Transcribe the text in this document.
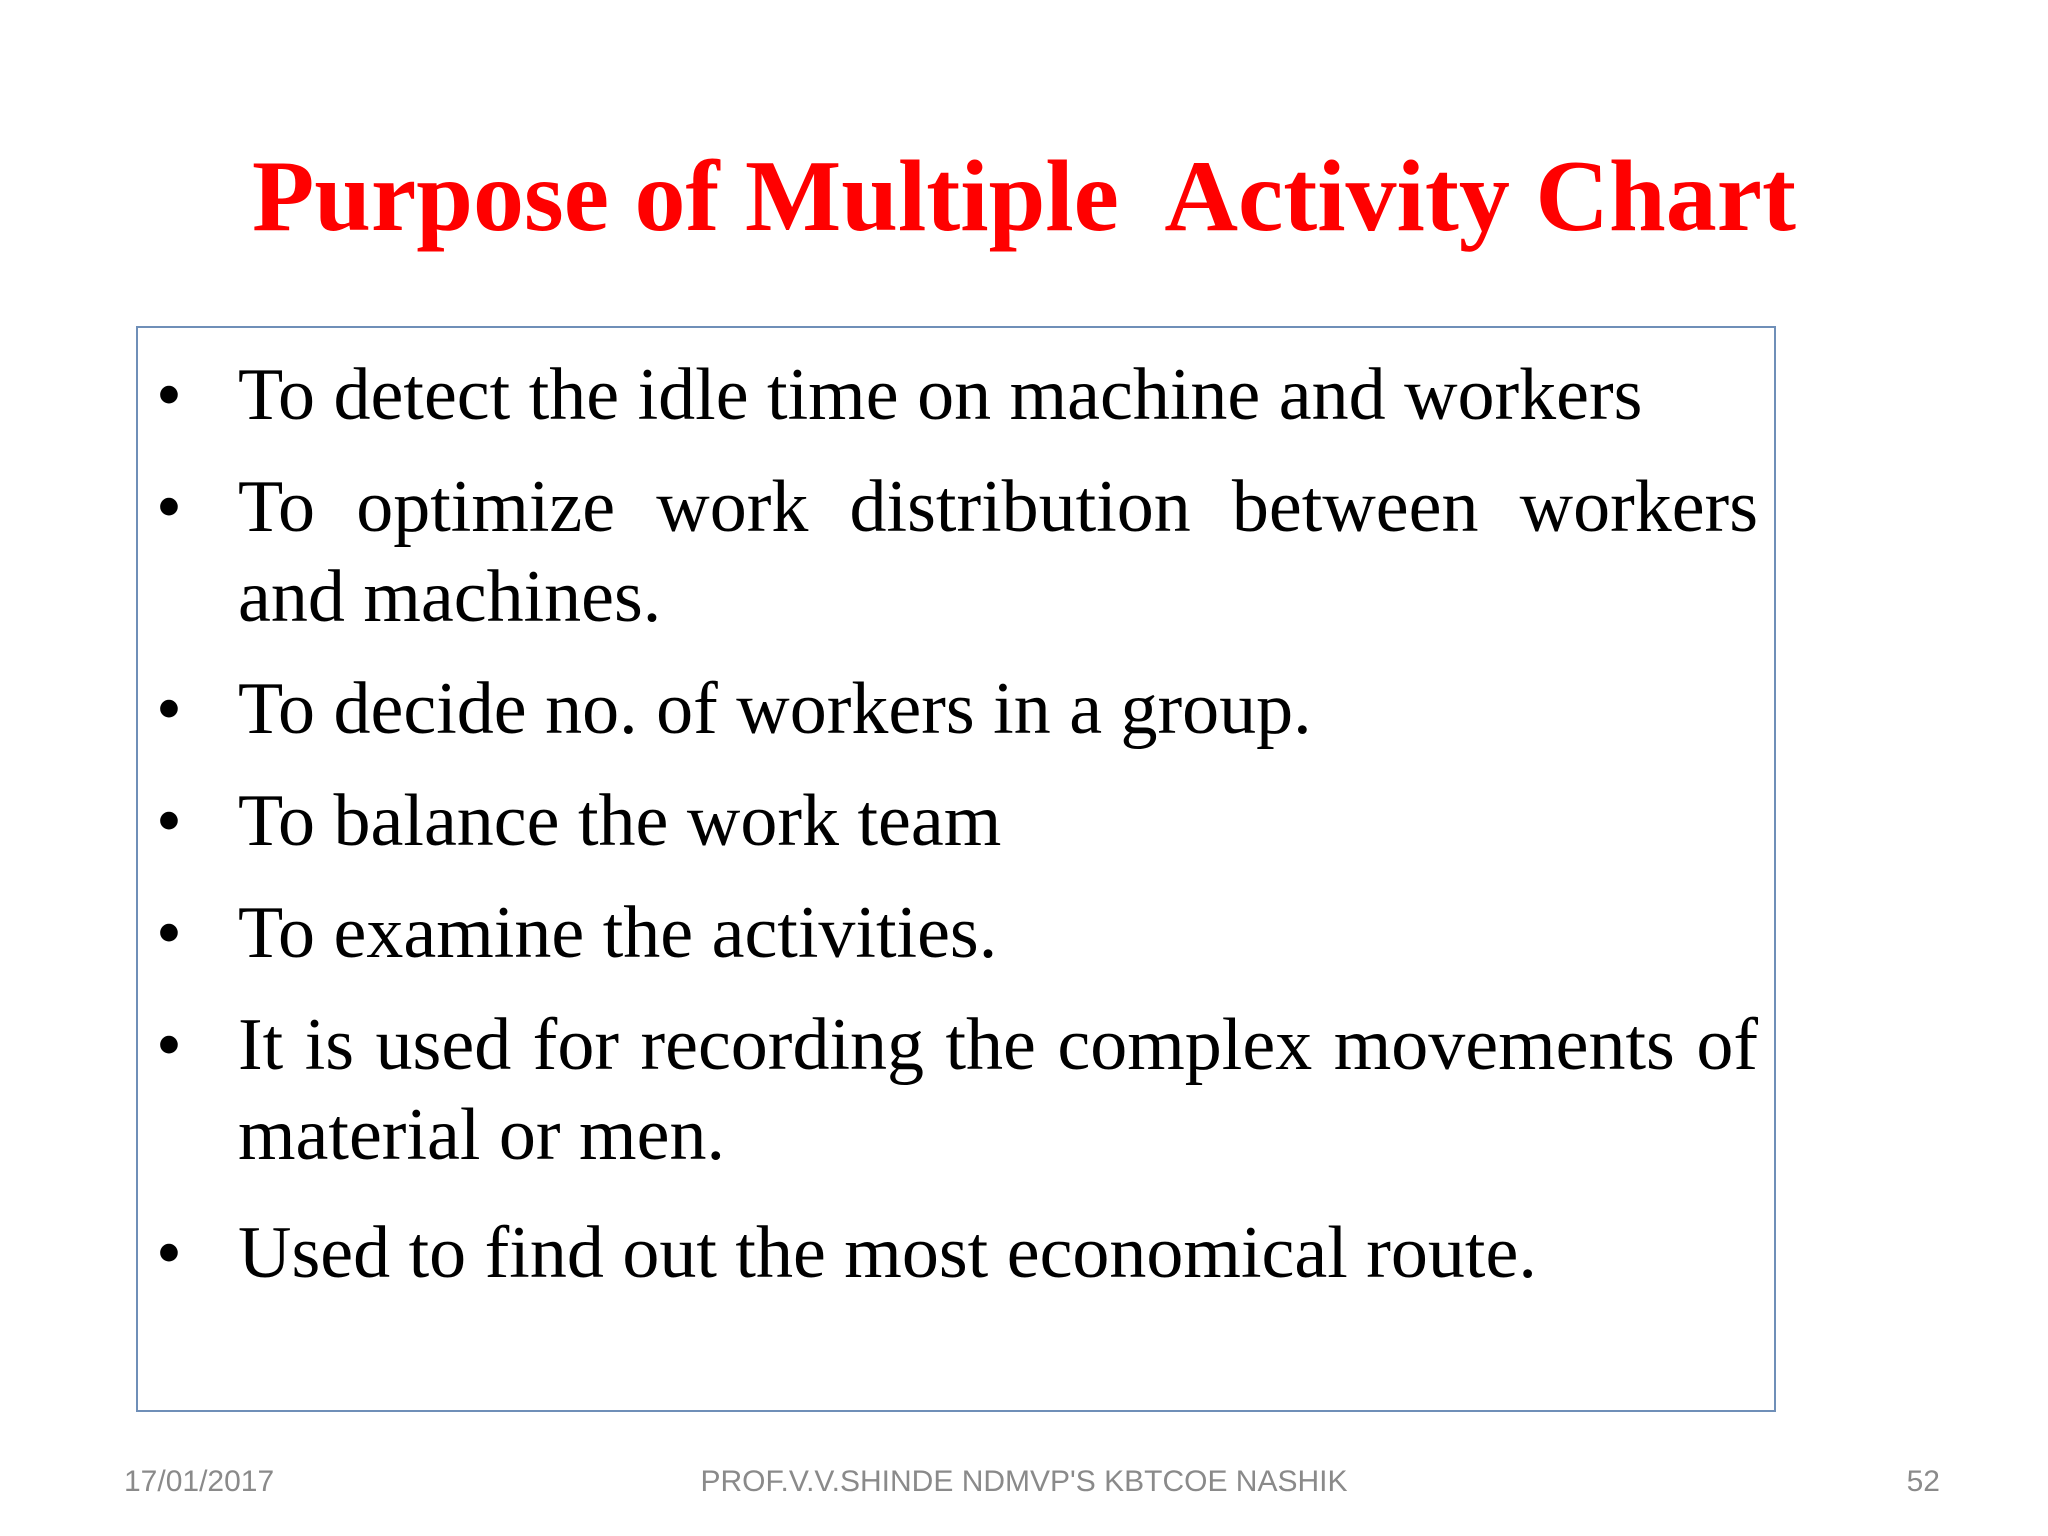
Purpose of Multiple  Activity Chart
• To detect the idle time on machine and workers
• To optimize work distribution between workers and machines.
• To decide no. of workers in a group.
• To balance the work team
• To examine the activities.
• It is used for recording the complex movements of material or men.
• Used to find out the most economical route.
17/01/2017	PROF.V.V.SHINDE NDMVP'S KBTCOE NASHIK	52
